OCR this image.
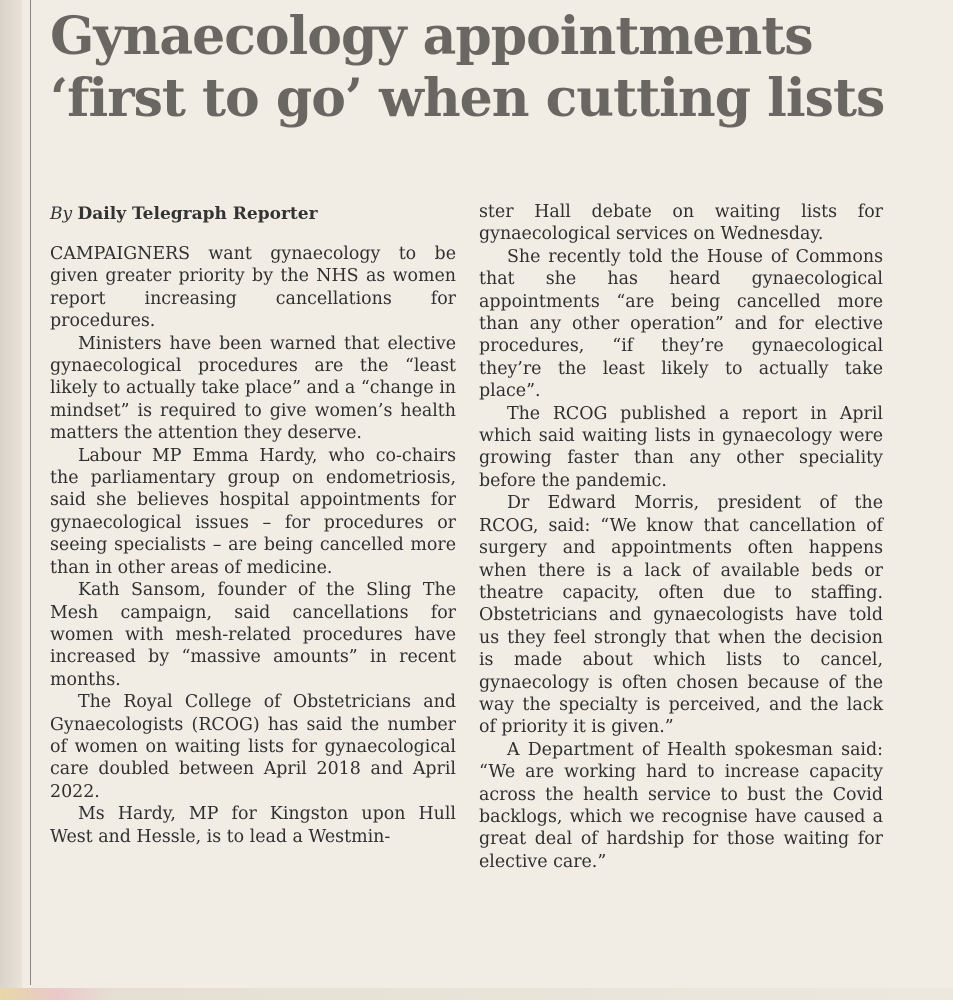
Gynaecology appointments
‘first to go’ when cutting lists
By Daily Telegraph Reporter

CAMPAIGNERS want gynaecology to be given greater priority by the NHS as women report increasing cancellations for procedures.

Ministers have been warned that elective gynaecological procedures are the “least likely to actually take place” and a “change in mindset” is required to give women’s health matters the attention they deserve.

Labour MP Emma Hardy, who co-chairs the parliamentary group on endometriosis, said she believes hospital appointments for gynaecological issues – for procedures or seeing specialists – are being cancelled more than in other areas of medicine.

Kath Sansom, founder of the Sling The Mesh campaign, said cancellations for women with mesh-related procedures have increased by “massive amounts” in recent months.

The Royal College of Obstetricians and Gynaecologists (RCOG) has said the number of women on waiting lists for gynaecological care doubled between April 2018 and April 2022.

Ms Hardy, MP for Kingston upon Hull West and Hessle, is to lead a Westmin-

ster Hall debate on waiting lists for gynaecological services on Wednesday.

She recently told the House of Commons that she has heard gynaecological appointments “are being cancelled more than any other operation” and for elective procedures, “if they’re gynaecological they’re the least likely to actually take place”.

The RCOG published a report in April which said waiting lists in gynaecology were growing faster than any other speciality before the pandemic.

Dr Edward Morris, president of the RCOG, said: “We know that cancellation of surgery and appointments often happens when there is a lack of available beds or theatre capacity, often due to staffing. Obstetricians and gynaecologists have told us they feel strongly that when the decision is made about which lists to cancel, gynaecology is often chosen because of the way the specialty is perceived, and the lack of priority it is given.”

A Department of Health spokesman said: “We are working hard to increase capacity across the health service to bust the Covid backlogs, which we recognise have caused a great deal of hardship for those waiting for elective care.”
